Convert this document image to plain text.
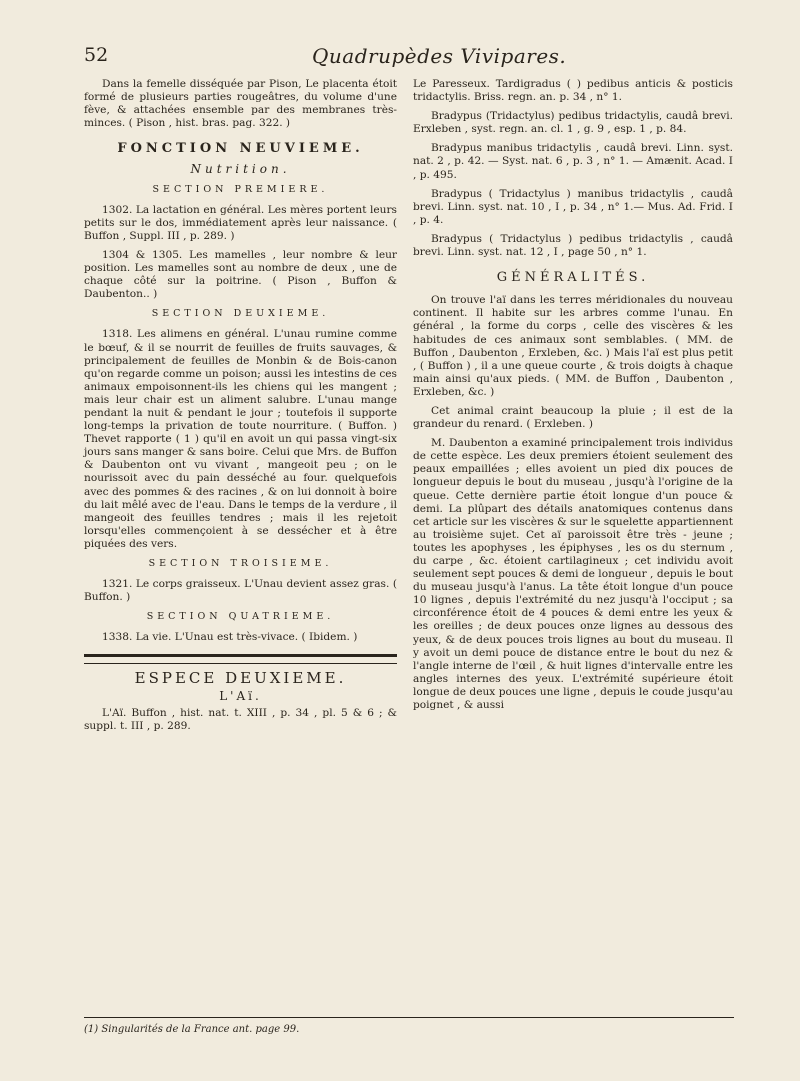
52	Quadrupèdes Vivipares.

Dans la femelle disséquée par Pison, Le placenta étoit formé de plusieurs parties rougeâtres, du volume d'une fève, & attachées ensemble par des membranes très-minces. ( Pison , hist. bras. pag. 322. )

FONCTION NEUVIEME.
Nutrition.
SECTION PREMIERE.

1302. La lactation en général. Les mères portent leurs petits sur le dos, immédiatement après leur naissance. ( Buffon , Suppl. III , p. 289. )

1304 & 1305. Les mamelles , leur nombre & leur position. Les mamelles sont au nombre de deux , une de chaque côté sur la poitrine. ( Pison , Buffon & Daubenton.. )

SECTION DEUXIEME.

1318. Les alimens en général. L'unau rumine comme le bœuf, & il se nourrit de feuilles de fruits sauvages, & principalement de feuilles de Monbin & de Bois-canon qu'on regarde comme un poison; aussi les intestins de ces animaux empoisonnent-ils les chiens qui les mangent ; mais leur chair est un aliment salubre. L'unau mange pendant la nuit & pendant le jour ; toutefois il supporte long-temps la privation de toute nourriture. ( Buffon. ) Thevet rapporte ( 1 ) qu'il en avoit un qui passa vingt-six jours sans manger & sans boire. Celui que Mrs. de Buffon & Daubenton ont vu vivant , mangeoit peu ; on le nourissoit avec du pain desséché au four. quelquefois avec des pommes & des racines , & on lui donnoit à boire du lait mêlé avec de l'eau. Dans le temps de la verdure , il mangeoit des feuilles tendres ; mais il les rejetoit lorsqu'elles commençoient à se dessécher et à être piquées des vers.

SECTION TROISIEME.

1321. Le corps graisseux. L'Unau devient assez gras. ( Buffon. )

SECTION QUATRIEME.

1338. La vie. L'Unau est très-vivace. ( Ibidem. )

ESPECE DEUXIEME.
L'Aï.

L'Aï. Buffon , hist. nat. t. XIII , p. 34 , pl. 5 & 6 ; & suppl. t. III , p. 289.

Le Paresseux. Tardigradus ( ) pedibus anticis & posticis tridactylis. Briss. regn. an. p. 34 , n° 1.

Bradypus (Tridactylus) pedibus tridactylis, caudâ brevi. Erxleben , syst. regn. an. cl. 1 , g. 9 , esp. 1 , p. 84.

Bradypus manibus tridactylis , caudâ brevi. Linn. syst. nat. 2 , p. 42. — Syst. nat. 6 , p. 3 , n° 1. — Amænit. Acad. I , p. 495.

Bradypus ( Tridactylus ) manibus tridactylis , caudâ brevi. Linn. syst. nat. 10 , I , p. 34 , n° 1.— Mus. Ad. Frid. I , p. 4.

Bradypus ( Tridactylus ) pedibus tridactylis , caudâ brevi. Linn. syst. nat. 12 , I , page 50 , n° 1.

GÉNÉRALITÉS.

On trouve l'aï dans les terres méridionales du nouveau continent. Il habite sur les arbres comme l'unau. En général , la forme du corps , celle des viscères & les habitudes de ces animaux sont semblables. ( MM. de Buffon , Daubenton , Erxleben, &c. ) Mais l'aï est plus petit , ( Buffon ) , il a une queue courte , & trois doigts à chaque main ainsi qu'aux pieds. ( MM. de Buffon , Daubenton , Erxleben, &c. )

Cet animal craint beaucoup la pluie ; il est de la grandeur du renard. ( Erxleben. )

M. Daubenton a examiné principalement trois individus de cette espèce. Les deux premiers étoient seulement des peaux empaillées ; elles avoient un pied dix pouces de longueur depuis le bout du museau , jusqu'à l'origine de la queue. Cette dernière partie étoit longue d'un pouce & demi. La plûpart des détails anatomiques contenus dans cet article sur les viscères & sur le squelette appartiennent au troisième sujet. Cet aï paroissoit être très - jeune ; toutes les apophyses , les épiphyses , les os du sternum , du carpe , &c. étoient cartilagineux ; cet individu avoit seulement sept pouces & demi de longueur , depuis le bout du museau jusqu'à l'anus. La tête étoit longue d'un pouce 10 lignes , depuis l'extrémité du nez jusqu'à l'occiput ; sa circonférence étoit de 4 pouces & demi entre les yeux & les oreilles ; de deux pouces onze lignes au dessous des yeux, & de deux pouces trois lignes au bout du museau. Il y avoit un demi pouce de distance entre le bout du nez & l'angle interne de l'œil , & huit lignes d'intervalle entre les angles internes des yeux. L'extrémité supérieure étoit longue de deux pouces une ligne , depuis le coude jusqu'au poignet , & aussi

(1) Singularités de la France ant. page 99.
